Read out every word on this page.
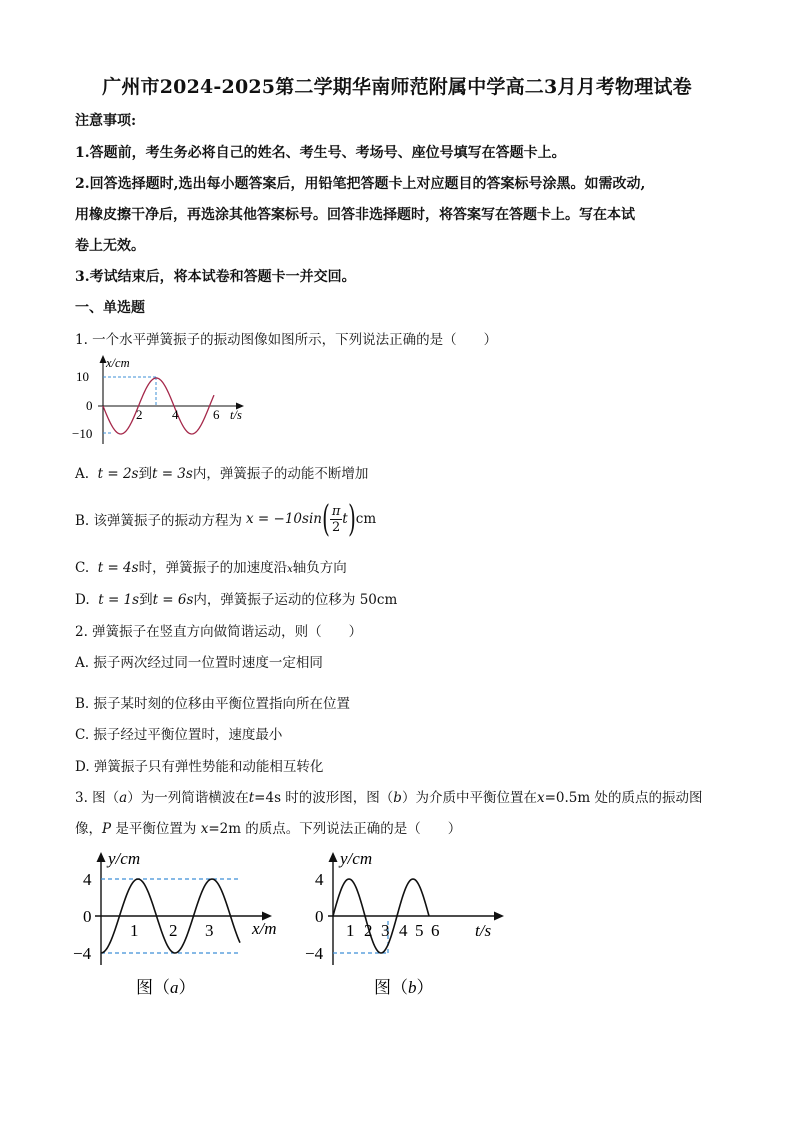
广州市2024-2025第二学期华南师范附属中学高二3月月考物理试卷
注意事项:
1.答题前，考生务必将自己的姓名、考生号、考场号、座位号填写在答题卡上。
2.回答选择题时,选出每小题答案后，用铅笔把答题卡上对应题目的答案标号涂黑。如需改动,
用橡皮擦干净后，再选涂其他答案标号。回答非选择题时，将答案写在答题卡上。写在本试
卷上无效。
3.考试结束后，将本试卷和答题卡一并交回。
一、单选题
1. 一个水平弹簧振子的振动图像如图所示，下列说法正确的是（　　）
x/cm
10
0
−10
2 4	6 t/s
A. t = 2s到t = 3s内，弹簧振子的动能不断增加
B. 该弹簧振子的振动方程为 x = −10sin ( π
2 t ) cm
C. t = 4s时，弹簧振子的加速度沿x轴负方向
D. t = 1s到t = 6s内，弹簧振子运动的位移为 50cm
2. 弹簧振子在竖直方向做简谐运动，则（　　）
A. 振子两次经过同一位置时速度一定相同
B. 振子某时刻的位移由平衡位置指向所在位置
C. 振子经过平衡位置时，速度最小
D. 弹簧振子只有弹性势能和动能相互转化
3. 图（a）为一列简谐横波在t=4s 时的波形图，图（b）为介质中平衡位置在x=0.5m 处的质点的振动图
像，P 是平衡位置为 x=2m 的质点。下列说法正确的是（　　）
y/cm
4
0
−4
1 2 3 x/m
图（a）
y/cm
4
0
−4
1 2 3 4 5 6 t/s
图（b）
